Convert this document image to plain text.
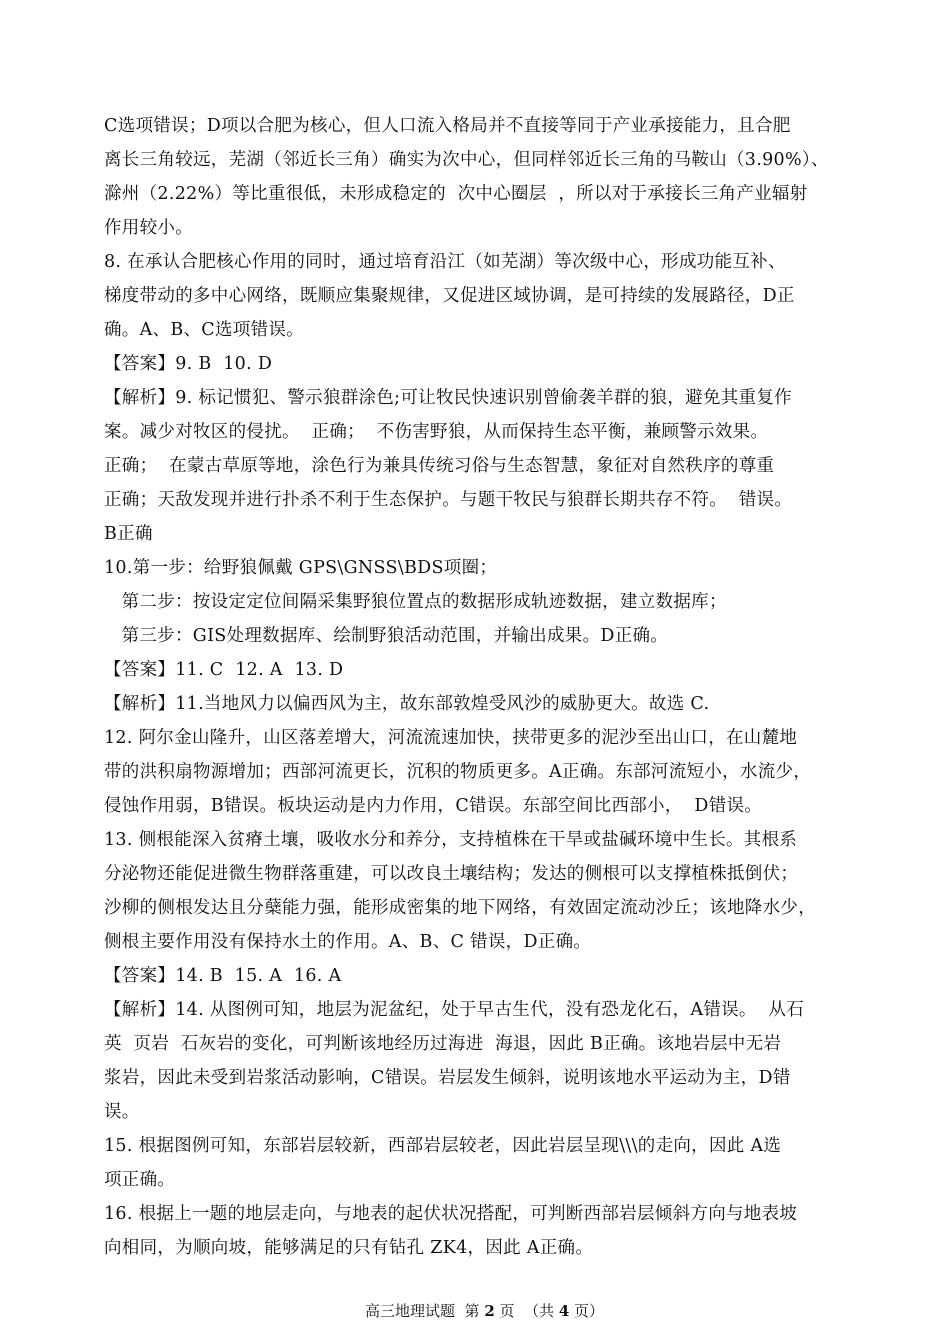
C选项错误；D项以合肥为核心，但人口流入格局并不直接等同于产业承接能力，且合肥
离长三角较远，芜湖（邻近长三角）确实为次中心，但同样邻近长三角的马鞍山（3.90%）、
滁州（2.22%）等比重很低，未形成稳定的  次中心圈层  ，所以对于承接长三角产业辐射
作用较小。
8. 在承认合肥核心作用的同时，通过培育沿江（如芜湖）等次级中心，形成功能互补、
梯度带动的多中心网络，既顺应集聚规律，又促进区域协调，是可持续的发展路径，D正
确。A、B、C选项错误。
【答案】9. B  10. D
【解析】9. 标记惯犯、警示狼群涂色;可让牧民快速识别曾偷袭羊群的狼，避免其重复作
案。减少对牧区的侵扰。  正确；  不伤害野狼，从而保持生态平衡，兼顾警示效果。
正确；  在蒙古草原等地，涂色行为兼具传统习俗与生态智慧，象征对自然秩序的尊重
正确；天敌发现并进行扑杀不利于生态保护。与题干牧民与狼群长期共存不符。  错误。
B正确
10.第一步：给野狼佩戴 GPS\GNSS\BDS项圈；
第二步：按设定定位间隔采集野狼位置点的数据形成轨迹数据，建立数据库；
第三步：GIS处理数据库、绘制野狼活动范围，并输出成果。D正确。
【答案】11. C  12. A  13. D
【解析】11.当地风力以偏西风为主，故东部敦煌受风沙的威胁更大。故选 C.
12. 阿尔金山隆升，山区落差增大，河流流速加快，挟带更多的泥沙至出山口，在山麓地
带的洪积扇物源增加；西部河流更长，沉积的物质更多。A正确。东部河流短小，水流少，
侵蚀作用弱，B错误。板块运动是内力作用，C错误。东部空间比西部小，  D错误。
13. 侧根能深入贫瘠土壤，吸收水分和养分，支持植株在干旱或盐碱环境中生长。其根系
分泌物还能促进微生物群落重建，可以改良土壤结构；发达的侧根可以支撑植株抵倒伏；
沙柳的侧根发达且分蘖能力强，能形成密集的地下网络，有效固定流动沙丘；该地降水少，
侧根主要作用没有保持水土的作用。A、B、C 错误，D正确。
【答案】14. B  15. A  16. A
【解析】14. 从图例可知，地层为泥盆纪，处于早古生代，没有恐龙化石，A错误。  从石
英  页岩  石灰岩的变化，可判断该地经历过海进  海退，因此 B正确。该地岩层中无岩
浆岩，因此未受到岩浆活动影响，C错误。岩层发生倾斜，说明该地水平运动为主，D错
误。
15. 根据图例可知，东部岩层较新，西部岩层较老，因此岩层呈现\\\的走向，因此 A选
项正确。
16. 根据上一题的地层走向，与地表的起伏状况搭配，可判断西部岩层倾斜方向与地表坡
向相同，为顺向坡，能够满足的只有钻孔 ZK4，因此 A正确。

高三地理试题  第 2 页  （共 4 页）
